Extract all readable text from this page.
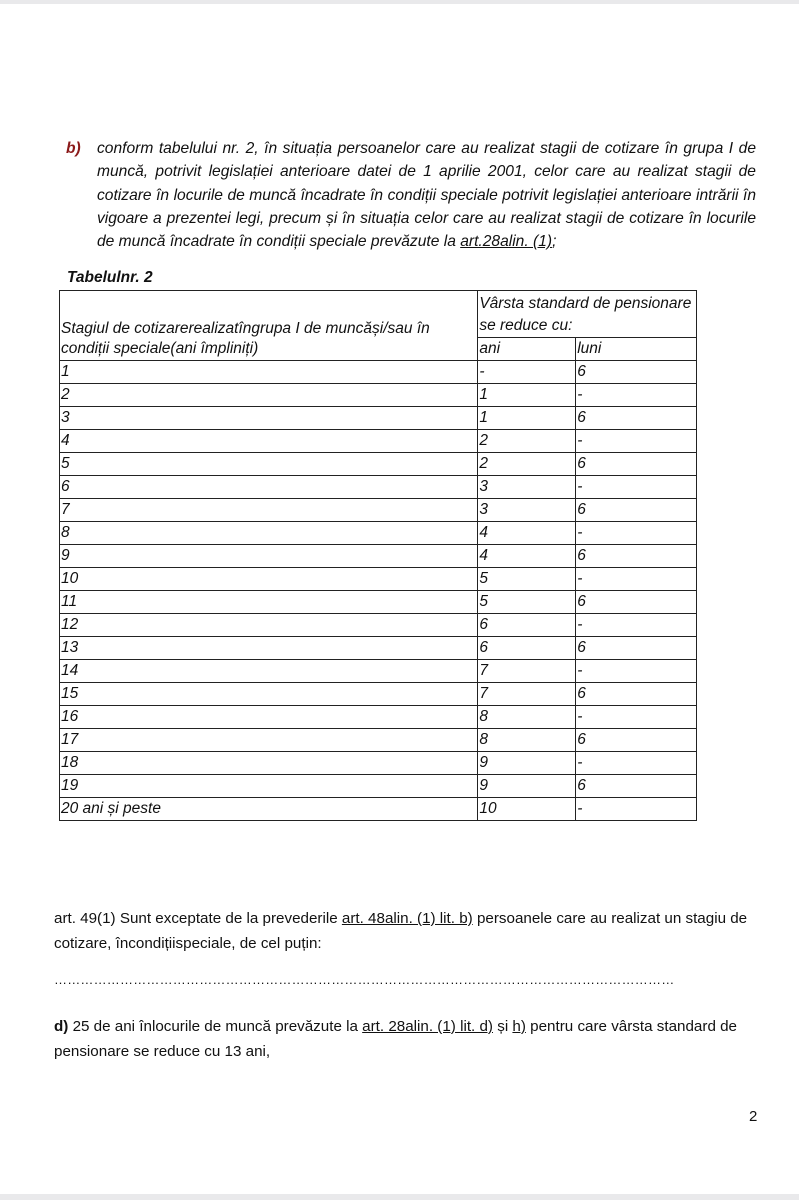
b)	conform tabelului nr. 2, în situația persoanelor care au realizat stagii de cotizare în grupa I de muncă, potrivit legislației anterioare datei de 1 aprilie 2001, celor care au realizat stagii de cotizare în locurile de muncă încadrate în condiții speciale potrivit legislației anterioare intrării în vigoare a prezentei legi, precum și în situația celor care au realizat stagii de cotizare în locurile de muncă încadrate în condiții speciale prevăzute la art.28alin. (1);
Tabelulnr. 2
Stagiul de cotizarerealizatîngrupa I de muncăși/sau în condiții speciale(ani împliniți)	Vârsta standard de pensionare se reduce cu:	
	ani	luni
1	-	6
2	1	-
3	1	6
4	2	-
5	2	6
6	3	-
7	3	6
8	4	-
9	4	6
10	5	-
11	5	6
12	6	-
13	6	6
14	7	-
15	7	6
16	8	-
17	8	6
18	9	-
19	9	6
20 ani și peste	10	-
art. 49(1) Sunt exceptate de la prevederile art. 48alin. (1) lit. b) persoanele care au realizat un stagiu de cotizare, încondițiispeciale, de cel puțin:
……………………………………………………………………………………………………………………………
d) 25 de ani înlocurile de muncă prevăzute la art. 28alin. (1) lit. d) și h) pentru care vârsta standard de pensionare se reduce cu 13 ani,
2
